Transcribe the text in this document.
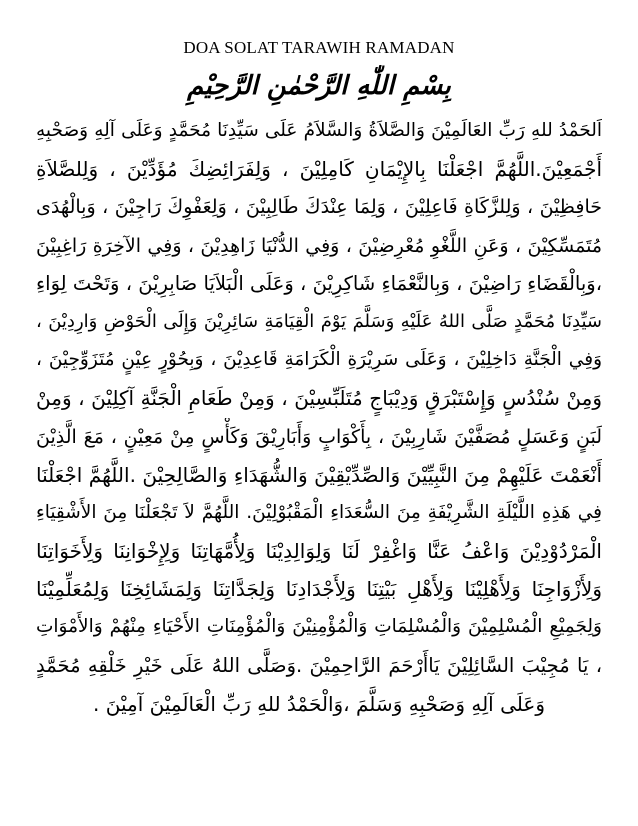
DOA SOLAT TARAWIH RAMADAN
بِسْمِ اللّٰهِ الرَّحْمٰنِ الرَّحِيْمِ
اَلحَمْدُ للهِ رَبِّ العَالَمِيْنَ وَالصَّلاَةُ وَالسَّلاَمُ عَلَى سَيِّدِنَا مُحَمَّدٍ وَعَلَى آلِهِ وَصَحْبِهِ
أَجْمَعِيْنَ.اللَّهُمَّ اجْعَلْنَا بِالإِيْمَانِ كَامِلِيْنَ ، وَلِفَرَائِضِكَ مُؤَدِّيْنَ ، وَلِلصَّلاَةِ
حَافِظِيْنَ ، وَلِلزَّكَاةِ فَاعِلِيْنَ ، وَلِمَا عِنْدَكَ طَالِبِيْنَ ، وَلِعَفْوِكَ رَاجِيْنَ ، وَبِالْهُدَى
مُتَمَسِّكِيْنَ ، وَعَنِ اللَّغْوِ مُعْرِضِيْنَ ، وَفِي الدُّنْيَا زَاهِدِيْنَ ، وَفِي الآخِرَةِ رَاغِبِيْنَ
،وَبِالْقَضَاءِ رَاضِيْنَ ، وَبِالنَّعْمَاءِ شَاكِرِيْنَ ، وَعَلَى الْبَلاَيَا صَابِرِيْنَ ، وَتَحْتَ لِوَاءِ
سَيِّدِنَا مُحَمَّدٍ صَلَّى اللهُ عَلَيْهِ وَسَلَّمَ يَوْمَ الْقِيَامَةِ سَائِرِيْنَ وَإِلَى الْحَوْضِ وَارِدِيْنَ ،
وَفِي الْجَنَّةِ دَاخِلِيْنَ ، وَعَلَى سَرِيْرَةِ الْكَرَامَةِ قَاعِدِيْنَ ، وَبِحُوْرٍ عِيْنٍ مُتَزَوِّجِيْنَ ،
وَمِنْ سُنْدُسٍ وَإِسْتَبْرَقٍ وَدِيْبَاجٍ مُتَلَبِّسِيْنَ ، وَمِنْ طَعَامِ الْجَنَّةِ آكِلِيْنَ ، وَمِنْ
لَبَنٍ وَعَسَلٍ مُصَفَّيْنَ شَارِبِيْنَ ، بِأَكْوَابٍ وَأَبَارِيْقَ وَكَأْسٍ مِنْ مَعِيْنٍ ، مَعَ الَّذِيْنَ
أَنْعَمْتَ عَلَيْهِمْ مِنَ النَّبِيِّيْنَ وَالصِّدِّيْقِيْنَ وَالشُّهَدَاءِ وَالصَّالِحِيْنَ .اللَّهُمَّ اجْعَلْنَا
فِي هَذِهِ اللَّيْلَةِ الشَّرِيْفَةِ مِنَ السُّعَدَاءِ الْمَقْبُوْلِيْنَ. اللَّهُمَّ لاَ تَجْعَلْنَا مِنَ الأَشْقِيَاءِ
الْمَرْدُوْدِيْنَ وَاعْفُ عَنَّا وَاغْفِرْ لَنَا وَلِوَالِدِيْنَا وَلِأُمَّهَاتِنَا وَلِإِخْوَانِنَا وَلِأَخَوَاتِنَا
وَلِأَزْوَاجِنَا وَلِأَهْلِيْنَا وَلِأَهْلِ بَيْتِنَا وَلِأَجْدَادِنَا وَلِجَدَّاتِنَا وَلِمَشَائِخِنَا وَلِمُعَلِّمِيْنَا
وَلِجَمِيْعِ الْمُسْلِمِيْنَ وَالْمُسْلِمَاتِ وَالْمُؤْمِنِيْنَ وَالْمُؤْمِنَاتِ الأَحْيَاءِ مِنْهُمْ وَالأَمْوَاتِ
، يَا مُجِيْبَ السَّائِلِيْنَ يَاأَرْحَمَ الرَّاحِمِيْنَ .وَصَلَّى اللهُ عَلَى خَيْرِ خَلْقِهِ مُحَمَّدٍ
وَعَلَى آلِهِ وَصَحْبِهِ وَسَلَّمَ ،وَالْحَمْدُ للهِ رَبِّ الْعَالَمِيْنَ آمِيْنَ .
